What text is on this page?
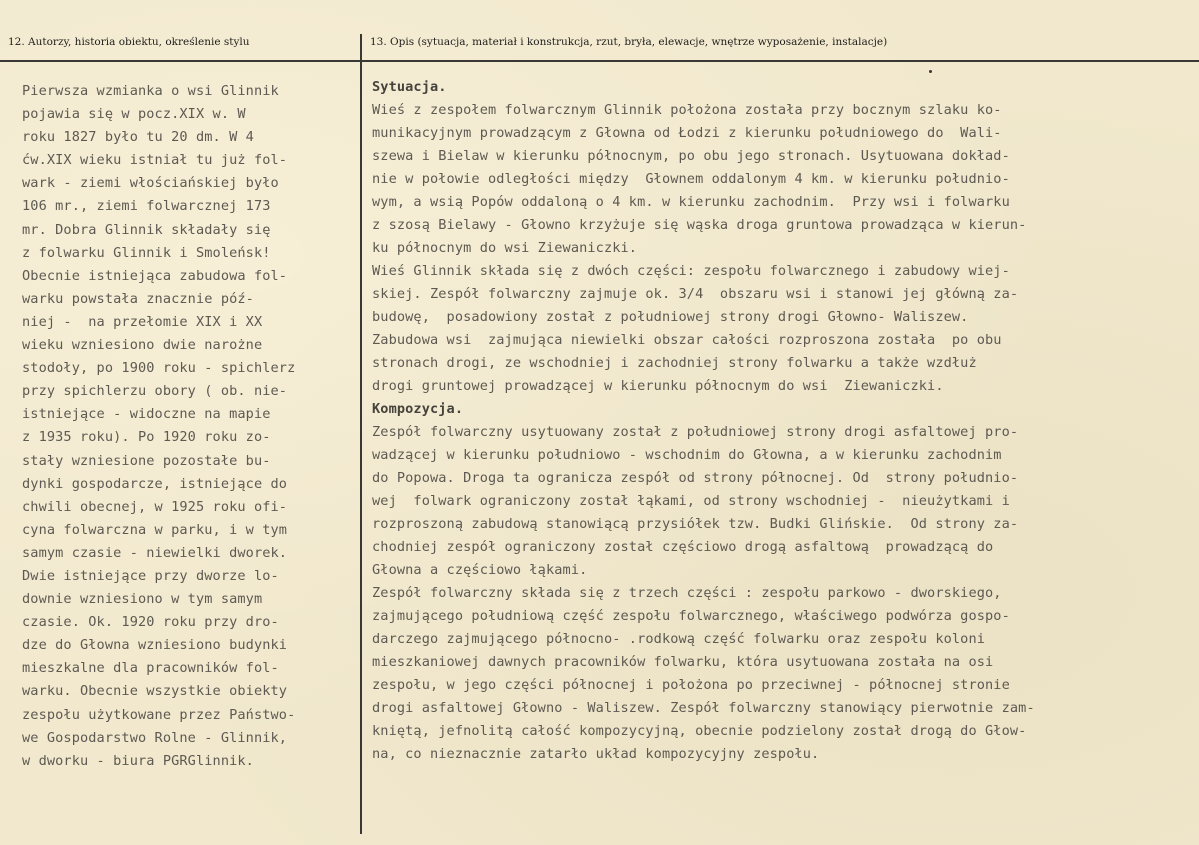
12. Autorzy, historia obiektu, określenie stylu	13. Opis (sytuacja, materiał i konstrukcja, rzut, bryła, elewacje, wnętrze wyposażenie, instalacje)
Pierwsza wzmianka o wsi Glinnik
pojawia się w pocz.XIX w. W
roku 1827 było tu 20 dm. W 4
ćw.XIX wieku istniał tu już fol-
wark - ziemi włościańskiej było
106 mr., ziemi folwarcznej 173
mr. Dobra Glinnik składały się
z folwarku Glinnik i Smoleńsk!
Obecnie istniejąca zabudowa fol-
warku powstała znacznie póź-
niej -  na przełomie XIX i XX
wieku wzniesiono dwie narożne
stodoły, po 1900 roku - spichlerz
przy spichlerzu obory ( ob. nie-
istniejące - widoczne na mapie
z 1935 roku). Po 1920 roku zo-
stały wzniesione pozostałe bu-
dynki gospodarcze, istniejące do
chwili obecnej, w 1925 roku ofi-
cyna folwarczna w parku, i w tym
samym czasie - niewielki dworek.
Dwie istniejące przy dworze lo-
downie wzniesiono w tym samym
czasie. Ok. 1920 roku przy dro-
dze do Głowna wzniesiono budynki
mieszkalne dla pracowników fol-
warku. Obecnie wszystkie obiekty
zespołu użytkowane przez Państwo-
we Gospodarstwo Rolne - Glinnik,
w dworku - biura PGRGlinnik.
Sytuacja.
Wieś z zespołem folwarcznym Glinnik położona została przy bocznym szlaku ko-
munikacyjnym prowadzącym z Głowna od Łodzi z kierunku południowego do  Wali-
szewa i Bielaw w kierunku północnym, po obu jego stronach. Usytuowana dokład-
nie w połowie odległości między  Głownem oddalonym 4 km. w kierunku południo-
wym, a wsią Popów oddaloną o 4 km. w kierunku zachodnim.  Przy wsi i folwarku
z szosą Bielawy - Głowno krzyżuje się wąska droga gruntowa prowadząca w kierun-
ku północnym do wsi Ziewaniczki.
Wieś Glinnik składa się z dwóch części: zespołu folwarcznego i zabudowy wiej-
skiej. Zespół folwarczny zajmuje ok. 3/4  obszaru wsi i stanowi jej główną za-
budowę,  posadowiony został z południowej strony drogi Głowno- Waliszew.
Zabudowa wsi  zajmująca niewielki obszar całości rozproszona została  po obu
stronach drogi, ze wschodniej i zachodniej strony folwarku a także wzdłuż
drogi gruntowej prowadzącej w kierunku północnym do wsi  Ziewaniczki.
Kompozycja.
Zespół folwarczny usytuowany został z południowej strony drogi asfaltowej pro-
wadzącej w kierunku południowo - wschodnim do Głowna, a w kierunku zachodnim
do Popowa. Droga ta ogranicza zespół od strony północnej. Od  strony południo-
wej  folwark ograniczony został łąkami, od strony wschodniej -  nieużytkami i
rozproszoną zabudową stanowiącą przysiółek tzw. Budki Glińskie.  Od strony za-
chodniej zespół ograniczony został częściowo drogą asfaltową  prowadzącą do
Głowna a częściowo łąkami.
Zespół folwarczny składa się z trzech części : zespołu parkowo - dworskiego,
zajmującego południową część zespołu folwarcznego, właściwego podwórza gospo-
darczego zajmującego północno- .rodkową część folwarku oraz zespołu koloni
mieszkaniowej dawnych pracowników folwarku, która usytuowana została na osi
zespołu, w jego części północnej i położona po przeciwnej - północnej stronie
drogi asfaltowej Głowno - Waliszew. Zespół folwarczny stanowiący pierwotnie zam-
kniętą, jefnolitą całość kompozycyjną, obecnie podzielony został drogą do Głow-
na, co nieznacznie zatarło układ kompozycyjny zespołu.
